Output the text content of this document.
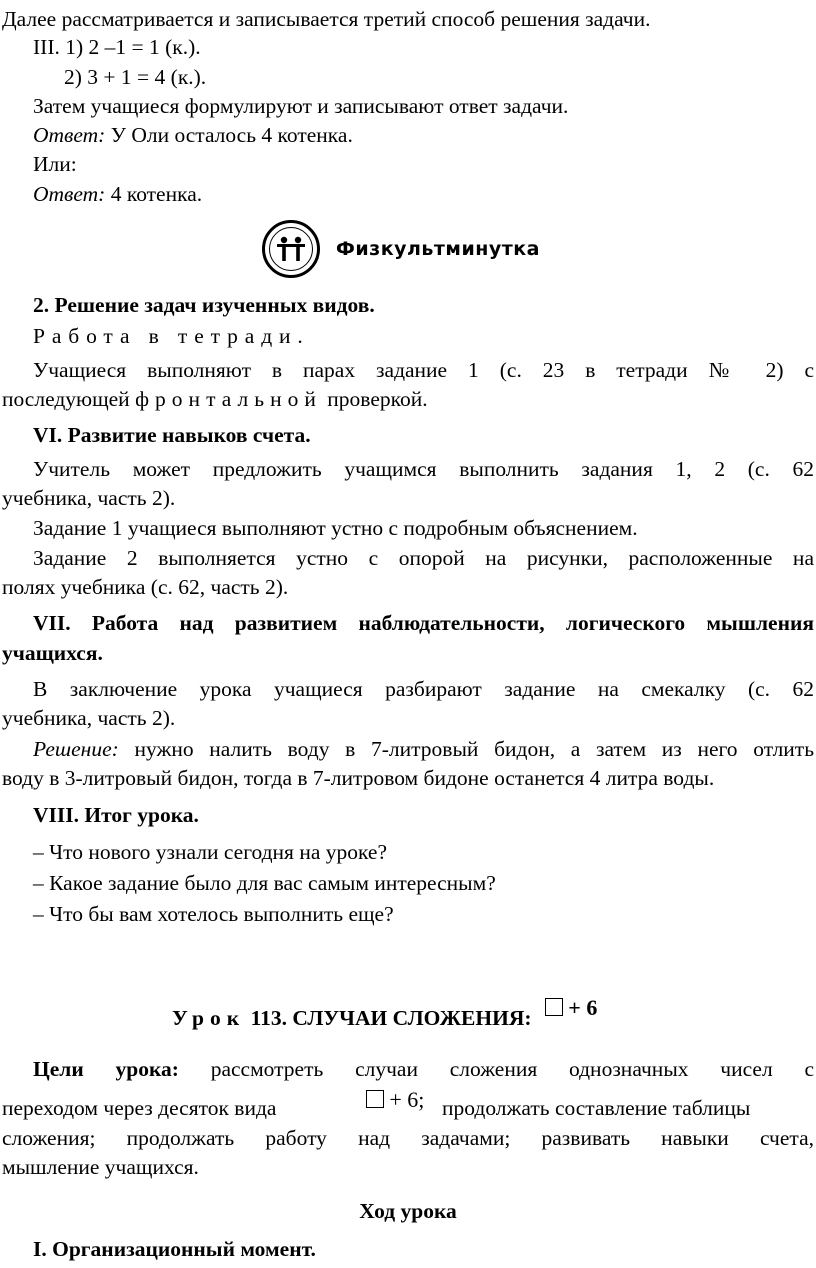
Далее рассматривается и записывается третий способ решения задачи.
III. 1) 2 –1 = 1 (к.).
2) 3 + 1 = 4 (к.).
Затем учащиеся формулируют и записывают ответ задачи.
Ответ: У Оли осталось 4 котенка.
Или:
Ответ: 4 котенка.
Физкультминутка
2. Решение задач изученных видов.
Работа в тетради.
Учащиеся выполняют в парах задание 1 (с. 23 в тетради № 2) с
последующей фронтальной проверкой.
VI. Развитие навыков счета.
Учитель может предложить учащимся выполнить задания 1, 2 (с. 62
учебника, часть 2).
Задание 1 учащиеся выполняют устно с подробным объяснением.
Задание 2 выполняется устно с опорой на рисунки, расположенные на
полях учебника (с. 62, часть 2).
VII. Работа над развитием наблюдательности, логического мышления
учащихся.
В заключение урока учащиеся разбирают задание на смекалку (с. 62
учебника, часть 2).
Решение: нужно налить воду в 7-литровый бидон, а затем из него отлить
воду в 3-литровый бидон, тогда в 7-литровом бидоне останется 4 литра воды.
VIII. Итог урока.
– Что нового узнали сегодня на уроке?
– Какое задание было для вас самым интересным?
– Что бы вам хотелось выполнить еще?
Урок 113. СЛУЧАИ СЛОЖЕНИЯ: + 6
Цели урока: рассмотреть случаи сложения однозначных чисел с
переходом через десяток вида	+ 6; продолжать составление таблицы
сложения; продолжать работу над задачами; развивать навыки счета,
мышление учащихся.
Ход урока
I. Организационный момент.
